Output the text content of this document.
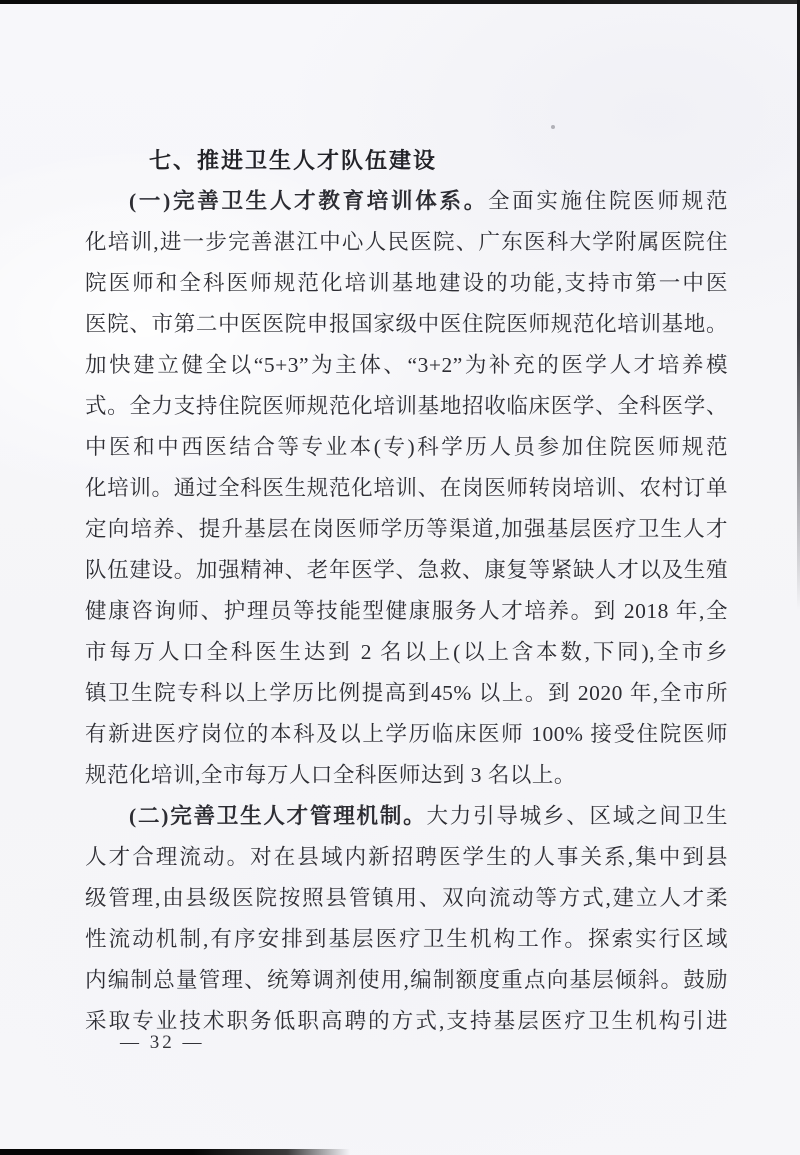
七、推进卫生人才队伍建设
(一)完善卫生人才教育培训体系。全面实施住院医师规范
化培训,进一步完善湛江中心人民医院、广东医科大学附属医院住
院医师和全科医师规范化培训基地建设的功能,支持市第一中医
医院、市第二中医医院申报国家级中医住院医师规范化培训基地。
加快建立健全以“5+3”为主体、“3+2”为补充的医学人才培养模
式。全力支持住院医师规范化培训基地招收临床医学、全科医学、
中医和中西医结合等专业本(专)科学历人员参加住院医师规范
化培训。通过全科医生规范化培训、在岗医师转岗培训、农村订单
定向培养、提升基层在岗医师学历等渠道,加强基层医疗卫生人才
队伍建设。加强精神、老年医学、急救、康复等紧缺人才以及生殖
健康咨询师、护理员等技能型健康服务人才培养。到 2018 年,全
市每万人口全科医生达到 2 名以上(以上含本数,下同),全市乡
镇卫生院专科以上学历比例提高到45% 以上。到 2020 年,全市所
有新进医疗岗位的本科及以上学历临床医师 100% 接受住院医师
规范化培训,全市每万人口全科医师达到 3 名以上。
(二)完善卫生人才管理机制。大力引导城乡、区域之间卫生
人才合理流动。对在县域内新招聘医学生的人事关系,集中到县
级管理,由县级医院按照县管镇用、双向流动等方式,建立人才柔
性流动机制,有序安排到基层医疗卫生机构工作。探索实行区域
内编制总量管理、统筹调剂使用,编制额度重点向基层倾斜。鼓励
采取专业技术职务低职高聘的方式,支持基层医疗卫生机构引进
— 32 —
